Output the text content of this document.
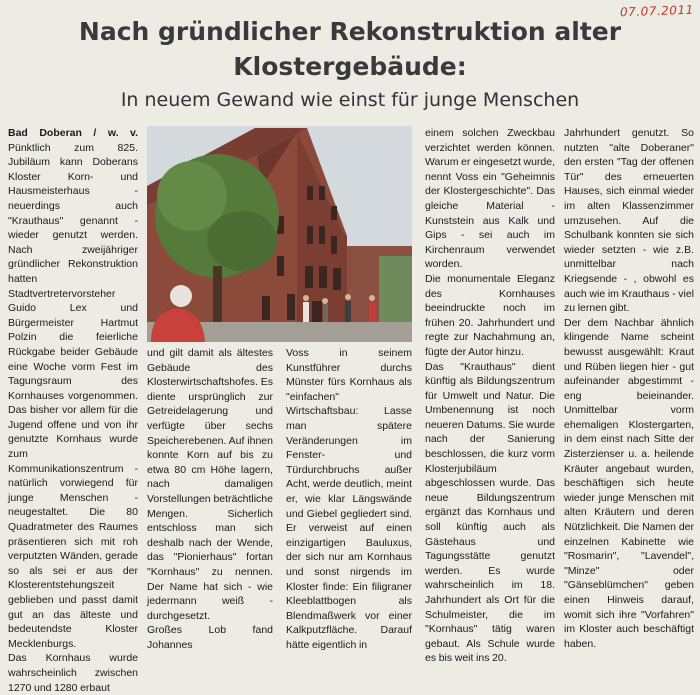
07.07.2011
Nach gründlicher Rekonstruktion alter
Klostergebäude:
In neuem Gewand wie einst für junge Menschen

Bad Doberan / w. v. Pünktlich zum 825. Jubiläum kann Doberans Kloster Korn- und Hausmeisterhaus - neuerdings auch "Krauthaus" genannt - wieder genutzt werden. Nach zweijähriger gründlicher Rekonstruktion hatten Stadtvertretervorsteher Guido Lex und Bürgermeister Hartmut Polzin die feierliche Rückgabe beider Gebäude eine Woche vorm Fest im Tagungsraum des Kornhauses vorgenommen. Das bisher vor allem für die Jugend offene und von ihr genutzte Kornhaus wurde zum Kommunikationszentrum - natürlich vorwiegend für junge Menschen - neugestaltet. Die 80 Quadratmeter des Raumes präsentieren sich mit roh verputzten Wänden, gerade so als sei er aus der Klosterentstehungszeit geblieben und passt damit gut an das älteste und bedeutendste Kloster Mecklenburgs.

Das Kornhaus wurde wahrscheinlich zwischen 1270 und 1280 erbaut

und gilt damit als ältestes Gebäude des Klosterwirtschaftshofes. Es diente ursprünglich zur Getreidelagerung und verfügte über sechs Speicherebenen. Auf ihnen konnte Korn auf bis zu etwa 80 cm Höhe lagern, nach damaligen Vorstellungen beträchtliche Mengen. Sicherlich entschloss man sich deshalb nach der Wende, das "Pionierhaus" fortan "Kornhaus" zu nennen. Der Name hat sich - wie jedermann weiß - durchgesetzt.

Großes Lob fand Johannes

Voss in seinem Kunstführer durchs Münster fürs Kornhaus als "einfachen" Wirtschaftsbau: Lasse man spätere Veränderungen im Fenster- und Türdurchbruchs außer Acht, werde deutlich, meint er, wie klar Längswände und Giebel gegliedert sind. Er verweist auf einen einzigartigen Bauluxus, der sich nur am Kornhaus und sonst nirgends im Kloster finde: Ein filigraner Kleeblattbogen als Blendmaßwerk vor einer Kalkputzfläche. Darauf hätte eigentlich in

einem solchen Zweckbau verzichtet werden können. Warum er eingesetzt wurde, nennt Voss ein "Geheimnis der Klostergeschichte". Das gleiche Material - Kunststein aus Kalk und Gips - sei auch im Kirchenraum verwendet worden.

Die monumentale Eleganz des Kornhauses beeindruckte noch im frühen 20. Jahrhundert und regte zur Nachahmung an, fügte der Autor hinzu.

Das "Krauthaus" dient künftig als Bildungszentrum für Umwelt und Natur. Die Umbenennung ist noch neueren Datums. Sie wurde nach der Sanierung beschlossen, die kurz vorm Klosterjubiläum abgeschlossen wurde. Das neue Bildungszentrum ergänzt das Kornhaus und soll künftig auch als Gästehaus und Tagungsstätte genutzt werden. Es wurde wahrscheinlich im 18. Jahrhundert als Ort für die Schulmeister, die im "Kornhaus" tätig waren gebaut. Als Schule wurde es bis weit ins 20.

Jahrhundert genutzt. So nutzten "alte Doberaner" den ersten "Tag der offenen Tür" des erneuerten Hauses, sich einmal wieder im alten Klassenzimmer umzusehen. Auf die Schulbank konnten sie sich wieder setzten - wie z.B. unmittelbar nach Kriegsende - , obwohl es auch wie im Krauthaus - viel zu lernen gibt.

Der dem Nachbar ähnlich klingende Name scheint bewusst ausgewählt: Kraut und Rüben liegen hier - gut aufeinander abgestimmt - eng beieinander. Unmittelbar vorm ehemaligen Klostergarten, in dem einst nach Sitte der Zisterzienser u. a. heilende Kräuter angebaut wurden, beschäftigen sich heute wieder junge Menschen mit alten Kräutern und deren Nützlichkeit. Die Namen der einzelnen Kabinette wie "Rosmarin", "Lavendel", "Minze" oder "Gänseblümchen" geben einen Hinweis darauf, womit sich ihre "Vorfahren" im Kloster auch beschäftigt haben.
